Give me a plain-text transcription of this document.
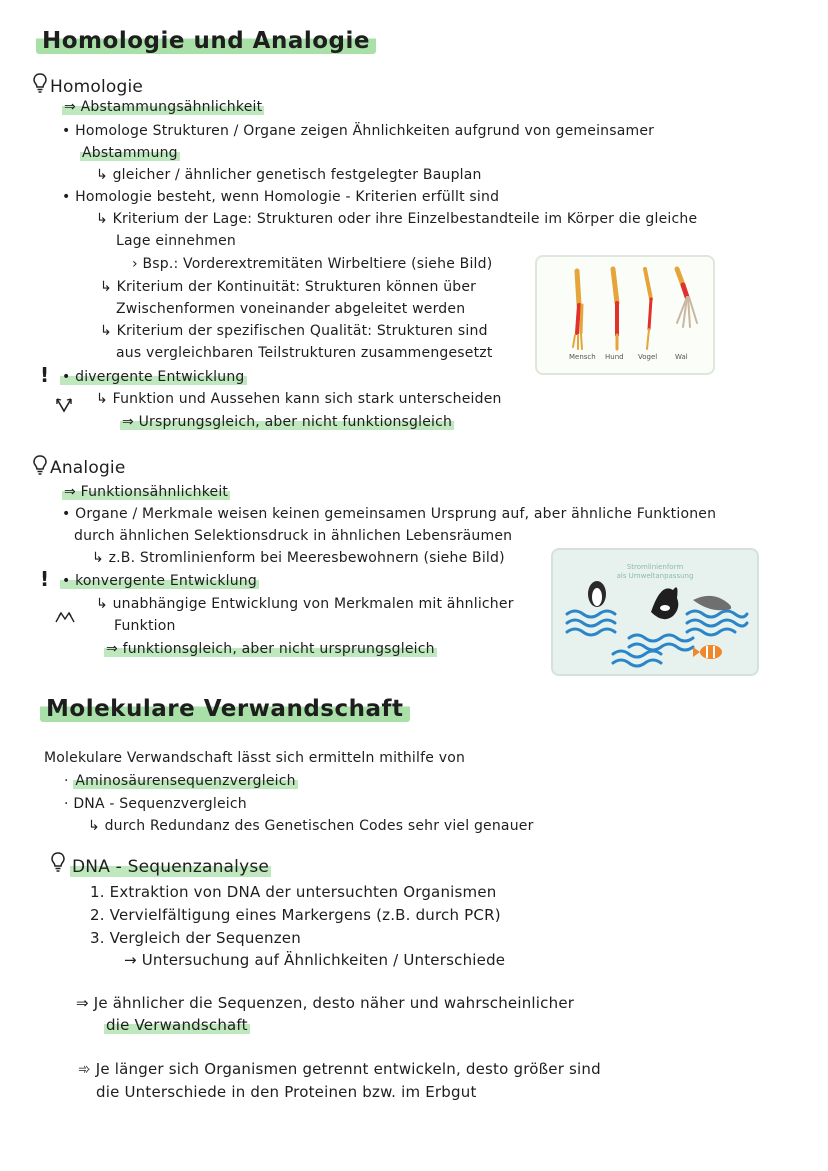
Homologie und Analogie
Homologie
⇒ Abstammungsähnlichkeit
• Homologe Strukturen / Organe zeigen Ähnlichkeiten aufgrund von gemeinsamer
Abstammung
↳ gleicher / ähnlicher genetisch festgelegter Bauplan
• Homologie besteht, wenn Homologie - Kriterien erfüllt sind
↳ Kriterium der Lage: Strukturen oder ihre Einzelbestandteile im Körper die gleiche
Lage einnehmen
› Bsp.: Vorderextremitäten Wirbeltiere (siehe Bild)
↳ Kriterium der Kontinuität: Strukturen können über
Zwischenformen voneinander abgeleitet werden
↳ Kriterium der spezifischen Qualität: Strukturen sind
aus vergleichbaren Teilstrukturen zusammengesetzt
! • divergente Entwicklung
↳ Funktion und Aussehen kann sich stark unterscheiden
⇒ Ursprungsgleich, aber nicht funktionsgleich
Mensch Hund Vogel	Wal
Analogie
⇒ Funktionsähnlichkeit
• Organe / Merkmale weisen keinen gemeinsamen Ursprung auf, aber ähnliche Funktionen
durch ähnlichen Selektionsdruck in ähnlichen Lebensräumen
↳ z.B. Stromlinienform bei Meeresbewohnern (siehe Bild)
! • konvergente Entwicklung
↳ unabhängige Entwicklung von Merkmalen mit ähnlicher
Funktion
⇒ funktionsgleich, aber nicht ursprungsgleich
Stromlinienform
als Umweltanpassung
Molekulare Verwandschaft
Molekulare Verwandschaft lässt sich ermitteln mithilfe von
· Aminosäurensequenzvergleich
· DNA - Sequenzvergleich
↳ durch Redundanz des Genetischen Codes sehr viel genauer
DNA - Sequenzanalyse
1. Extraktion von DNA der untersuchten Organismen
2. Vervielfältigung eines Markergens (z.B. durch PCR)
3. Vergleich der Sequenzen
→ Untersuchung auf Ähnlichkeiten / Unterschiede
⇒ Je ähnlicher die Sequenzen, desto näher und wahrscheinlicher
die Verwandschaft
➾ Je länger sich Organismen getrennt entwickeln, desto größer sind
die Unterschiede in den Proteinen bzw. im Erbgut
